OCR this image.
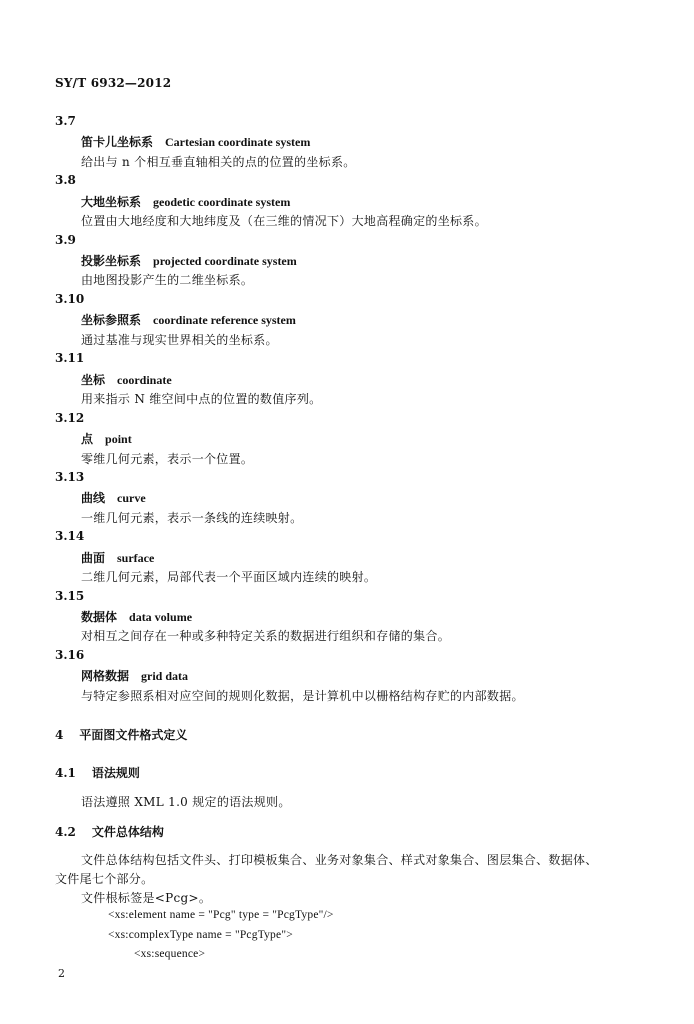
SY/T 6932—2012
3.7
笛卡儿坐标系 Cartesian coordinate system
给出与 n 个相互垂直轴相关的点的位置的坐标系。
3.8
大地坐标系 geodetic coordinate system
位置由大地经度和大地纬度及（在三维的情况下）大地高程确定的坐标系。
3.9
投影坐标系 projected coordinate system
由地图投影产生的二维坐标系。
3.10
坐标参照系 coordinate reference system
通过基准与现实世界相关的坐标系。
3.11
坐标 coordinate
用来指示 N 维空间中点的位置的数值序列。
3.12
点 point
零维几何元素，表示一个位置。
3.13
曲线 curve
一维几何元素，表示一条线的连续映射。
3.14
曲面 surface
二维几何元素，局部代表一个平面区域内连续的映射。
3.15
数据体 data volume
对相互之间存在一种或多种特定关系的数据进行组织和存储的集合。
3.16
网格数据 grid data
与特定参照系相对应空间的规则化数据，是计算机中以栅格结构存贮的内部数据。
4 平面图文件格式定义
4.1 语法规则
语法遵照 XML 1.0 规定的语法规则。
4.2 文件总体结构
文件总体结构包括文件头、打印模板集合、业务对象集合、样式对象集合、图层集合、数据体、
文件尾七个部分。
文件根标签是<Pcg>。
<xs:element name = "Pcg" type = "PcgType"/>
<xs:complexType name = "PcgType">
<xs:sequence>
2
